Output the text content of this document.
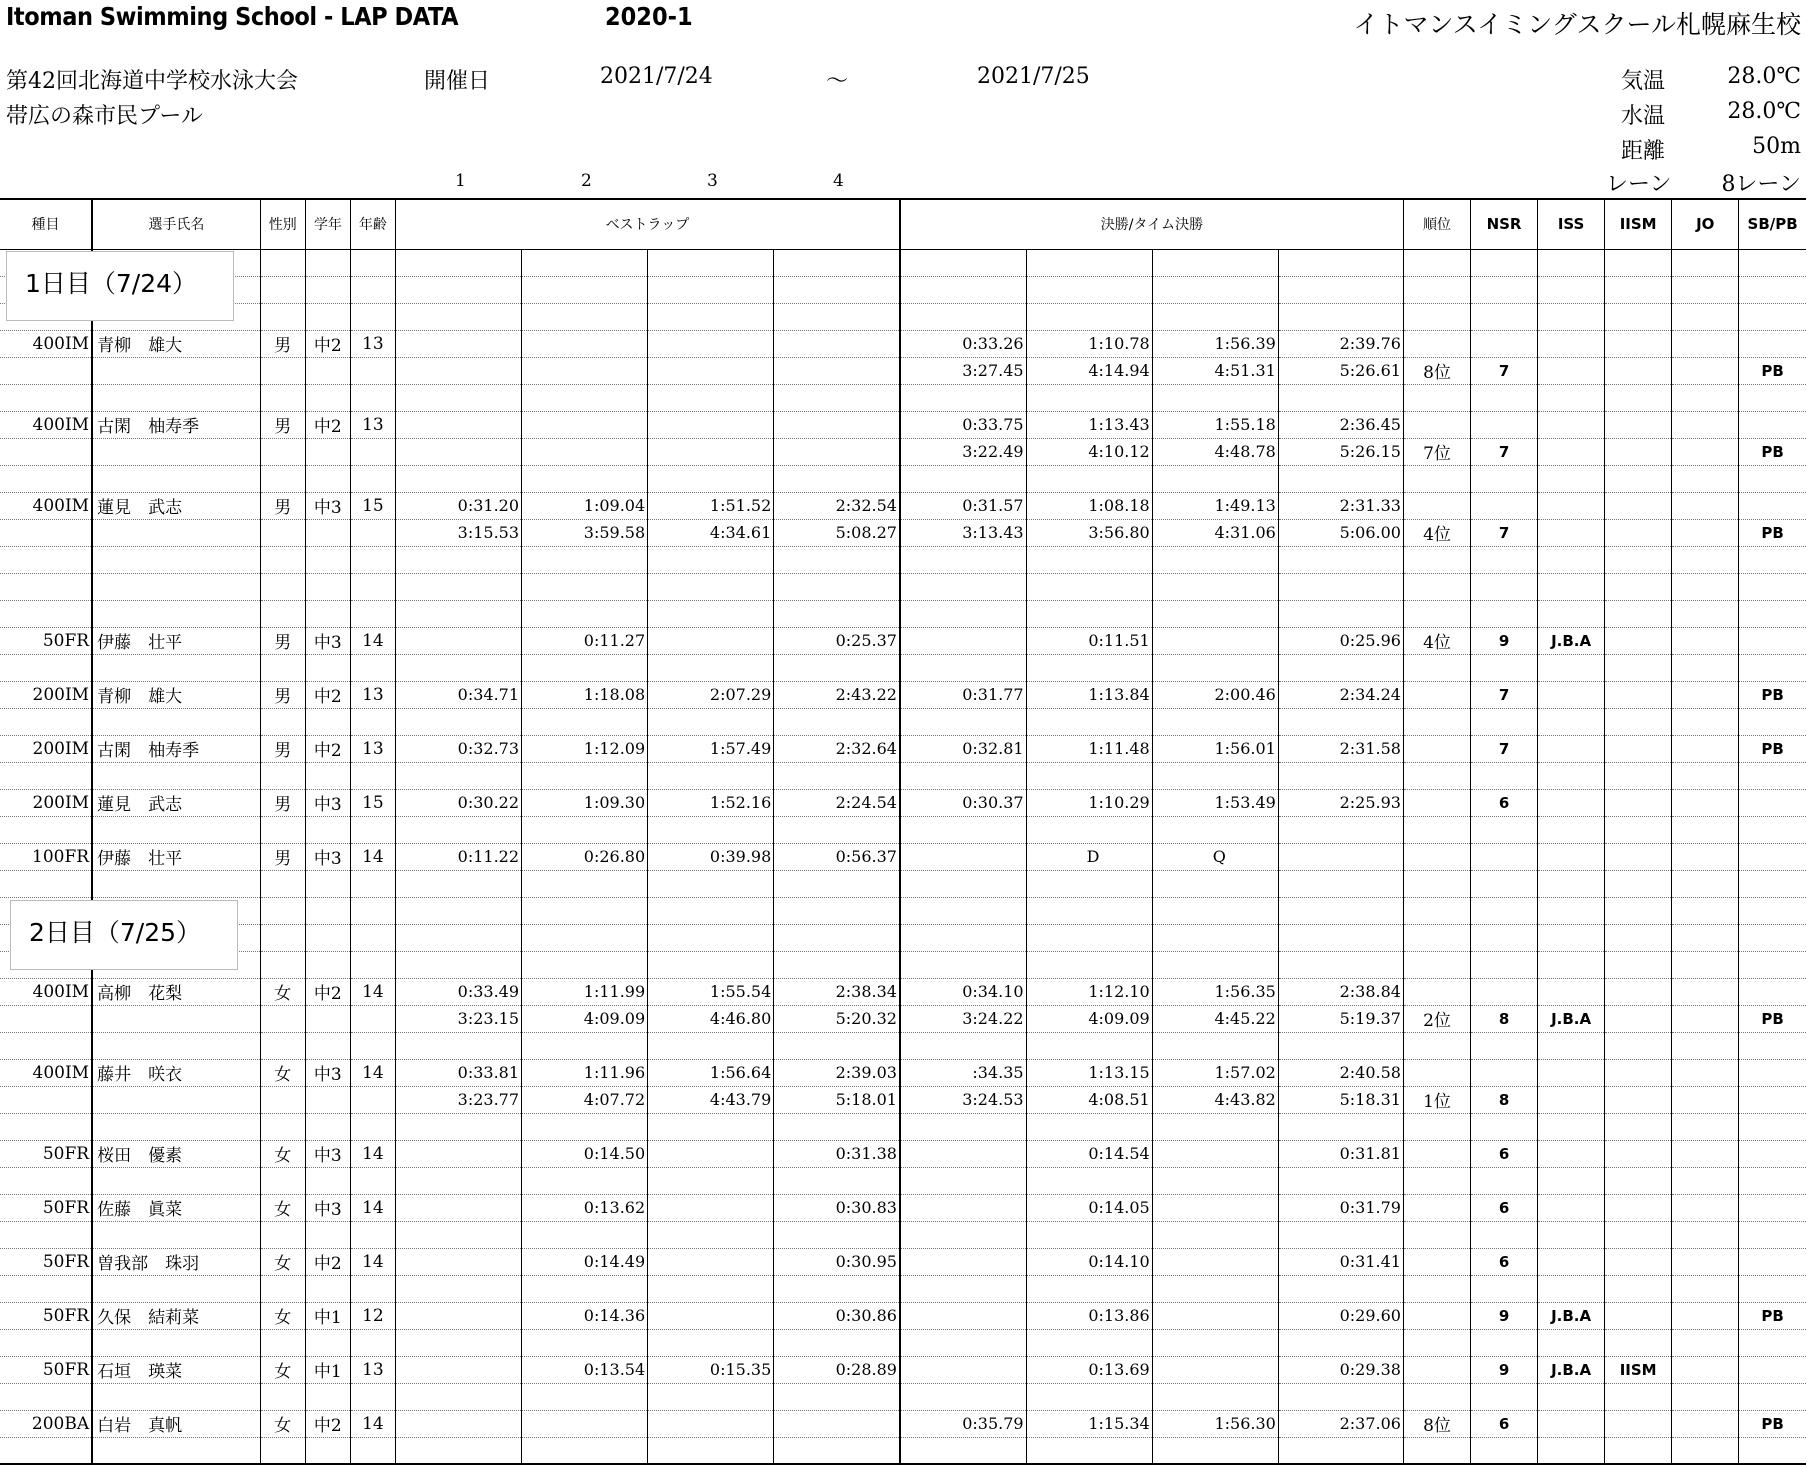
Itoman Swimming School - LAP DATA	2020-1	イトマンスイミングスクール札幌麻生校
第42回北海道中学校水泳大会
帯広の森市民プール
開催日	2021/7/24	～	2021/7/25	気温	28.0℃
水温	28.0℃
距離	50m
レーン 8レーン
1	2	3	4
種目	選手氏名	性別	学年	年齢	ベストラップ				決勝/タイム決勝				順位	NSR	ISS	IISM	JO	SB/PB

400IM	青柳　雄大	男	中2	13					0:33.26	1:10.78	1:56.39	2:39.76						
									3:27.45	4:14.94	4:51.31	5:26.61	8位	7				PB

400IM	古閑　柚寿季	男	中2	13					0:33.75	1:13.43	1:55.18	2:36.45						
									3:22.49	4:10.12	4:48.78	5:26.15	7位	7				PB

400IM	蓮見　武志	男	中3	15	0:31.20	1:09.04	1:51.52	2:32.54	0:31.57	1:08.18	1:49.13	2:31.33						
					3:15.53	3:59.58	4:34.61	5:08.27	3:13.43	3:56.80	4:31.06	5:06.00	4位	7				PB

50FR	伊藤　壮平	男	中3	14		0:11.27		0:25.37		0:11.51		0:25.96	4位	9	J.B.A			

200IM	青柳　雄大	男	中2	13	0:34.71	1:18.08	2:07.29	2:43.22	0:31.77	1:13.84	2:00.46	2:34.24		7				PB

200IM	古閑　柚寿季	男	中2	13	0:32.73	1:12.09	1:57.49	2:32.64	0:32.81	1:11.48	1:56.01	2:31.58		7				PB

200IM	蓮見　武志	男	中3	15	0:30.22	1:09.30	1:52.16	2:24.54	0:30.37	1:10.29	1:53.49	2:25.93		6				

100FR	伊藤　壮平	男	中3	14	0:11.22	0:26.80	0:39.98	0:56.37		D	Q							

400IM	高柳　花梨	女	中2	14	0:33.49	1:11.99	1:55.54	2:38.34	0:34.10	1:12.10	1:56.35	2:38.84						
					3:23.15	4:09.09	4:46.80	5:20.32	3:24.22	4:09.09	4:45.22	5:19.37	2位	8	J.B.A			PB

400IM	藤井　咲衣	女	中3	14	0:33.81	1:11.96	1:56.64	2:39.03	:34.35	1:13.15	1:57.02	2:40.58						
					3:23.77	4:07.72	4:43.79	5:18.01	3:24.53	4:08.51	4:43.82	5:18.31	1位	8				

50FR	桜田　優素	女	中3	14		0:14.50		0:31.38		0:14.54		0:31.81		6				

50FR	佐藤　眞菜	女	中3	14		0:13.62		0:30.83		0:14.05		0:31.79		6				

50FR	曽我部　珠羽	女	中2	14		0:14.49		0:30.95		0:14.10		0:31.41		6				

50FR	久保　結莉菜	女	中1	12		0:14.36		0:30.86		0:13.86		0:29.60		9	J.B.A			PB

50FR	石垣　瑛菜	女	中1	13		0:13.54	0:15.35	0:28.89		0:13.69		0:29.38		9	J.B.A	IISM		

200BA	白岩　真帆	女	中2	14					0:35.79	1:15.34	1:56.30	2:37.06	8位	6				PB

1日目（7/24）
2日目（7/25）
